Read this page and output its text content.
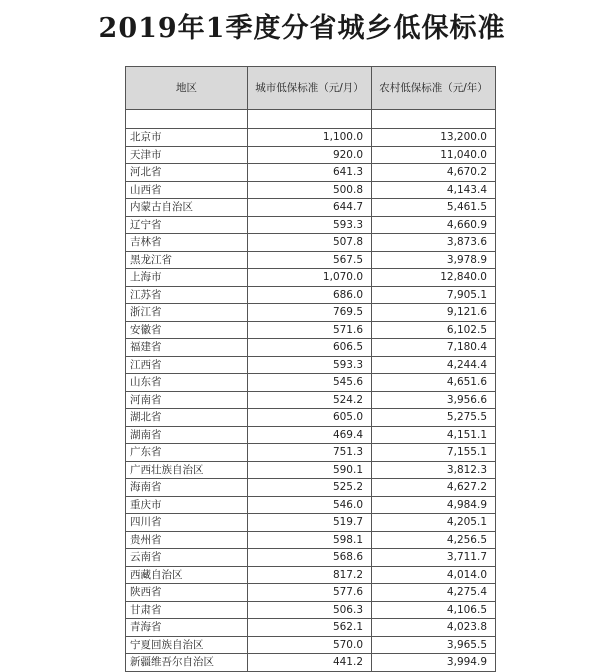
2019年1季度分省城乡低保标准
地区	城市低保标准（元/月）	农村低保标准（元/年）

北京市	1,100.0	13,200.0
天津市	920.0	11,040.0
河北省	641.3	4,670.2
山西省	500.8	4,143.4
内蒙古自治区	644.7	5,461.5
辽宁省	593.3	4,660.9
吉林省	507.8	3,873.6
黑龙江省	567.5	3,978.9
上海市	1,070.0	12,840.0
江苏省	686.0	7,905.1
浙江省	769.5	9,121.6
安徽省	571.6	6,102.5
福建省	606.5	7,180.4
江西省	593.3	4,244.4
山东省	545.6	4,651.6
河南省	524.2	3,956.6
湖北省	605.0	5,275.5
湖南省	469.4	4,151.1
广东省	751.3	7,155.1
广西壮族自治区	590.1	3,812.3
海南省	525.2	4,627.2
重庆市	546.0	4,984.9
四川省	519.7	4,205.1
贵州省	598.1	4,256.5
云南省	568.6	3,711.7
西藏自治区	817.2	4,014.0
陕西省	577.6	4,275.4
甘肃省	506.3	4,106.5
青海省	562.1	4,023.8
宁夏回族自治区	570.0	3,965.5
新疆维吾尔自治区	441.2	3,994.9
